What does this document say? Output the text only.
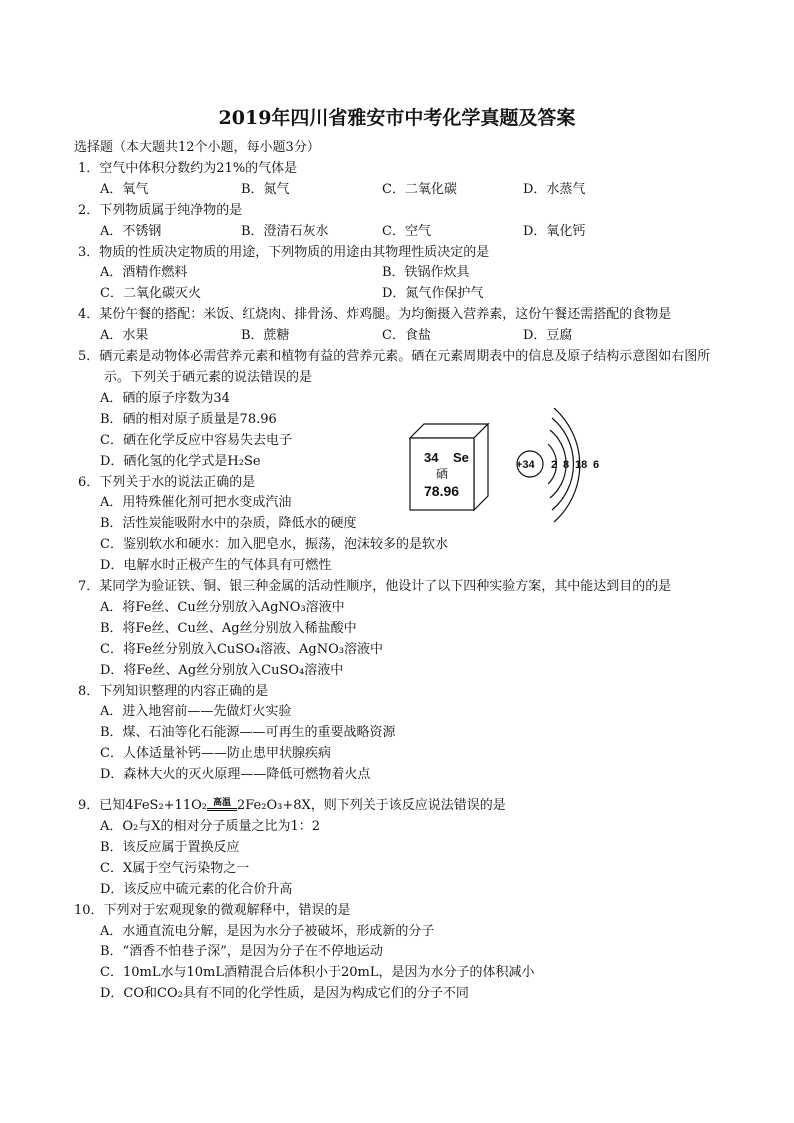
2019年四川省雅安市中考化学真题及答案
选择题（本大题共12个小题，每小题3分）
1．空气中体积分数约为21%的气体是
A．氧气	B．氮气	C．二氧化碳	D．水蒸气
2．下列物质属于纯净物的是
A．不锈钢	B．澄清石灰水	C．空气	D．氧化钙
3．物质的性质决定物质的用途，下列物质的用途由其物理性质决定的是
A．酒精作燃料	B．铁锅作炊具
C．二氧化碳灭火	D．氮气作保护气
4．某份午餐的搭配：米饭、红烧肉、排骨汤、炸鸡腿。为均衡摄入营养素，这份午餐还需搭配的食物是
A．水果	B．蔗糖	C．食盐	D．豆腐
5．硒元素是动物体必需营养元素和植物有益的营养元素。硒在元素周期表中的信息及原子结构示意图如右图所示。下列关于硒元素的说法错误的是
A．硒的原子序数为34
B．硒的相对原子质量是78.96
C．硒在化学反应中容易失去电子
D．硒化氢的化学式是H₂Se
6．下列关于水的说法正确的是
A．用特殊催化剂可把水变成汽油
B．活性炭能吸附水中的杂质，降低水的硬度
C．鉴别软水和硬水：加入肥皂水，振荡，泡沫较多的是软水
D．电解水时正极产生的气体具有可燃性
7．某同学为验证铁、铜、银三种金属的活动性顺序，他设计了以下四种实验方案，其中能达到目的的是
A．将Fe丝、Cu丝分别放入AgNO₃溶液中
B．将Fe丝、Cu丝、Ag丝分别放入稀盐酸中
C．将Fe丝分别放入CuSO₄溶液、AgNO₃溶液中
D．将Fe丝、Ag丝分别放入CuSO₄溶液中
8．下列知识整理的内容正确的是
A．进入地窖前——先做灯火实验
B．煤、石油等化石能源——可再生的重要战略资源
C．人体适量补钙——防止患甲状腺疾病
D．森林大火的灭火原理——降低可燃物着火点
9．已知4FeS₂+11O₂ 高温 2Fe₂O₃+8X，则下列关于该反应说法错误的是
A．O₂与X的相对分子质量之比为1：2
B．该反应属于置换反应
C．X属于空气污染物之一
D．该反应中硫元素的化合价升高
10．下列对于宏观现象的微观解释中，错误的是
A．水通直流电分解，是因为水分子被破坏，形成新的分子
B．“酒香不怕巷子深”，是因为分子在不停地运动
C．10mL水与10mL酒精混合后体积小于20mL，是因为水分子的体积减小
D．CO和CO₂具有不同的化学性质，是因为构成它们的分子不同
34 Se
硒
78.96
+34 2 8 18 6
